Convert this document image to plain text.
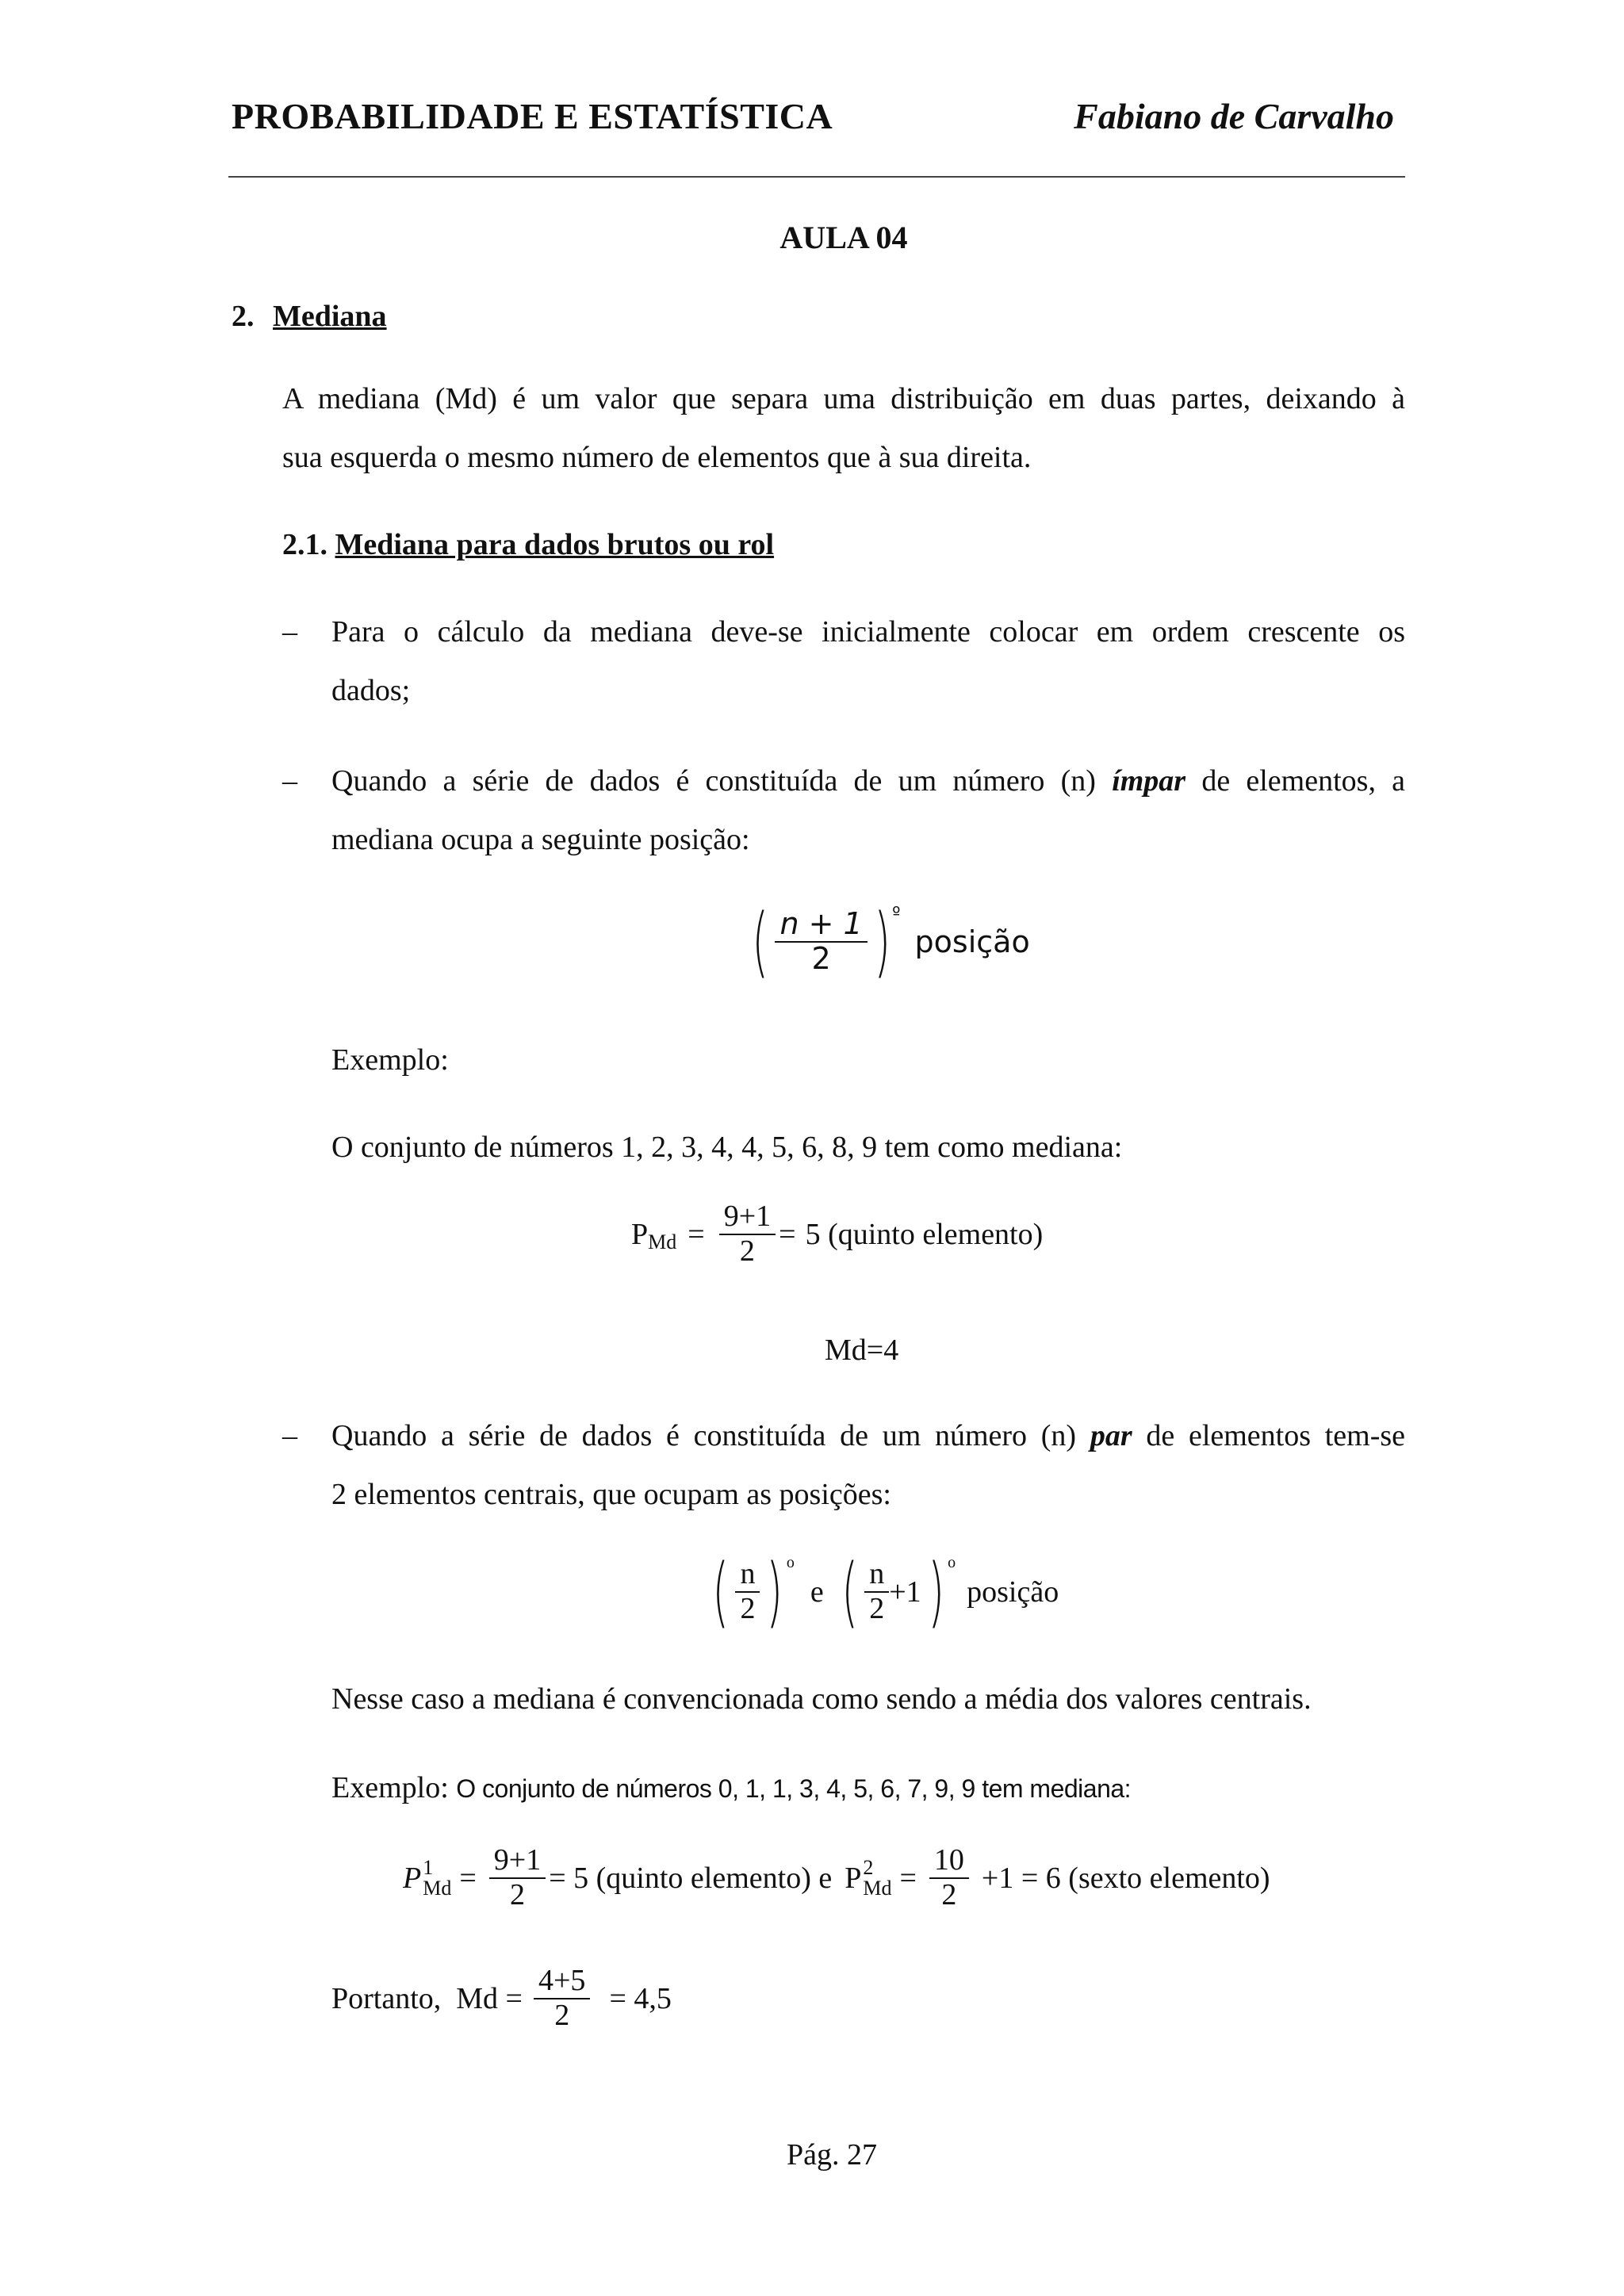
PROBABILIDADE E ESTATÍSTICA	Fabiano de Carvalho
AULA 04
2. Mediana
A mediana (Md) é um valor que separa uma distribuição em duas partes, deixando à
sua esquerda o mesmo número de elementos que à sua direita.
2.1. Mediana para dados brutos ou rol
– Para o cálculo da mediana deve-se inicialmente colocar em ordem crescente os
dados;
– Quando a série de dados é constituída de um número (n) ímpar de elementos, a
mediana ocupa a seguinte posição:
( $\frac{n + 1}{2}$ ) º
posição
Exemplo:
O conjunto de números 1, 2, 3, 4, 4, 5, 6, 8, 9 tem como mediana:
P $Md = \frac{9+1}{2} = 5$ (quinto elemento)
Md=4
– Quando a série de dados é constituída de um número (n) par de elementos tem-se
2 elementos centrais, que ocupam as posições:
( $\frac{n}{2}$ ) o
e ( $\frac{n}{2} +1$ ) o
posição
Nesse caso a mediana é convencionada como sendo a média dos valores centrais.
Exemplo: O conjunto de números 0, 1, 1, 3, 4, 5, 6, 7, 9, 9 tem mediana:
P 1
$Md = \frac{9+1}{2} = 5$ (quinto elemento) e P 2
$Md = \frac{10}{2} +1 = 6$ (sexto elemento)
Portanto,  $Md = \frac{4+5}{2} = 4,5$
Pág. 27
